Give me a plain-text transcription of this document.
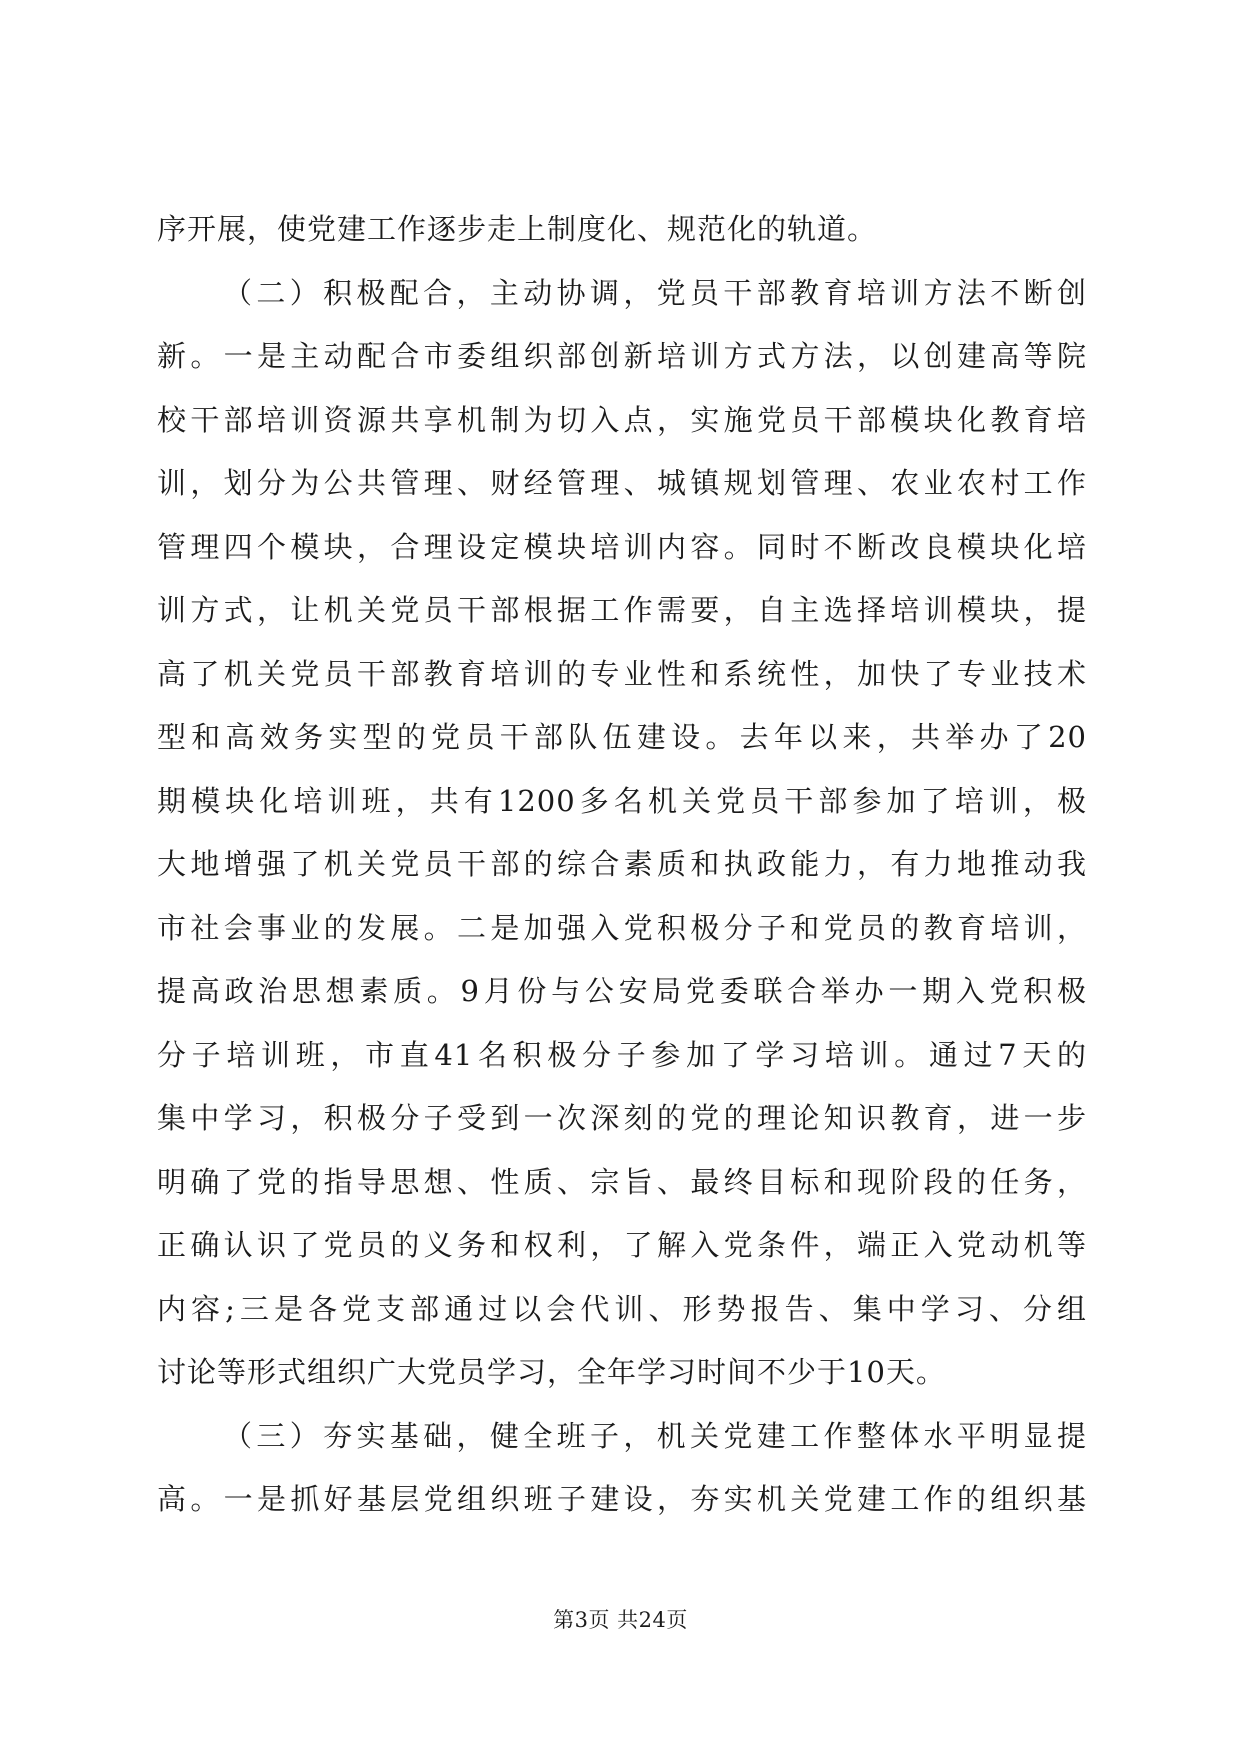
序开展，使党建工作逐步走上制度化、规范化的轨道。
（二）积极配合，主动协调，党员干部教育培训方法不断创
新。一是主动配合市委组织部创新培训方式方法，以创建高等院
校干部培训资源共享机制为切入点，实施党员干部模块化教育培
训，划分为公共管理、财经管理、城镇规划管理、农业农村工作
管理四个模块，合理设定模块培训内容。同时不断改良模块化培
训方式，让机关党员干部根据工作需要，自主选择培训模块，提
高了机关党员干部教育培训的专业性和系统性，加快了专业技术
型和高效务实型的党员干部队伍建设。去年以来，共举办了20
期模块化培训班，共有1200多名机关党员干部参加了培训，极
大地增强了机关党员干部的综合素质和执政能力，有力地推动我
市社会事业的发展。二是加强入党积极分子和党员的教育培训，
提高政治思想素质。9月份与公安局党委联合举办一期入党积极
分子培训班，市直41名积极分子参加了学习培训。通过7天的
集中学习，积极分子受到一次深刻的党的理论知识教育，进一步
明确了党的指导思想、性质、宗旨、最终目标和现阶段的任务，
正确认识了党员的义务和权利，了解入党条件，端正入党动机等
内容;三是各党支部通过以会代训、形势报告、集中学习、分组
讨论等形式组织广大党员学习，全年学习时间不少于10天。
（三）夯实基础，健全班子，机关党建工作整体水平明显提
高。一是抓好基层党组织班子建设，夯实机关党建工作的组织基
第3页 共24页
